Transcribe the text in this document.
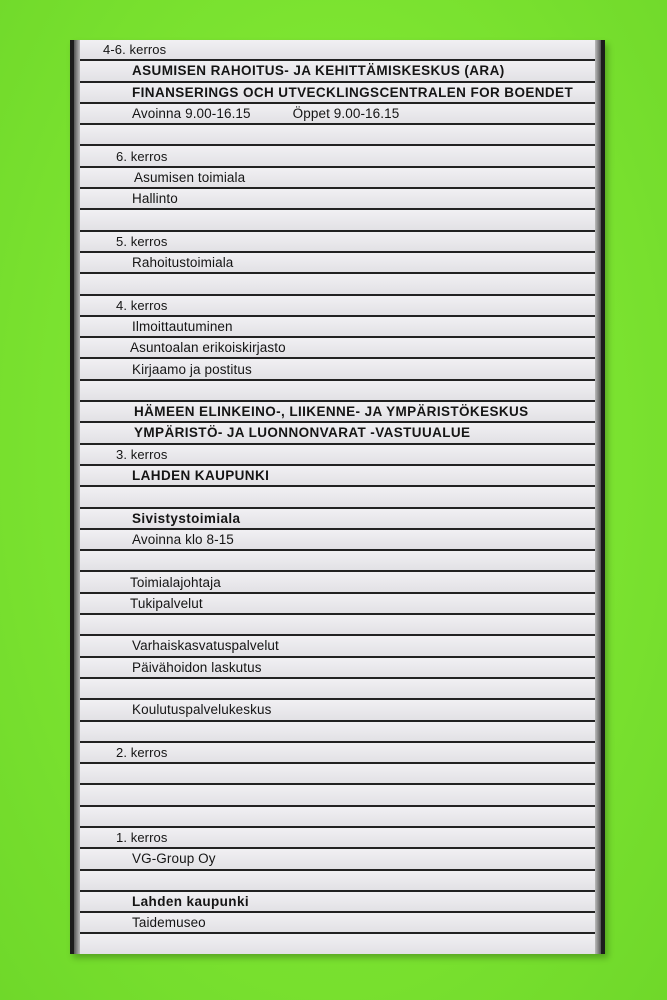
4-6. kerros
ASUMISEN RAHOITUS- JA KEHITTÄMISKESKUS (ARA)
FINANSERINGS OCH UTVECKLINGSCENTRALEN FOR BOENDET
Avoinna 9.00-16.15	Öppet 9.00-16.15
6. kerros
Asumisen toimiala
Hallinto
5. kerros
Rahoitustoimiala
4. kerros
Ilmoittautuminen
Asuntoalan erikoiskirjasto
Kirjaamo ja postitus
HÄMEEN ELINKEINO-, LIIKENNE- JA YMPÄRISTÖKESKUS
YMPÄRISTÖ- JA LUONNONVARAT -VASTUUALUE
3. kerros
LAHDEN KAUPUNKI
Sivistystoimiala
Avoinna klo 8-15
Toimialajohtaja
Tukipalvelut
Varhaiskasvatuspalvelut
Päivähoidon laskutus
Koulutuspalvelukeskus
2. kerros
1. kerros
VG-Group Oy
Lahden kaupunki
Taidemuseo
